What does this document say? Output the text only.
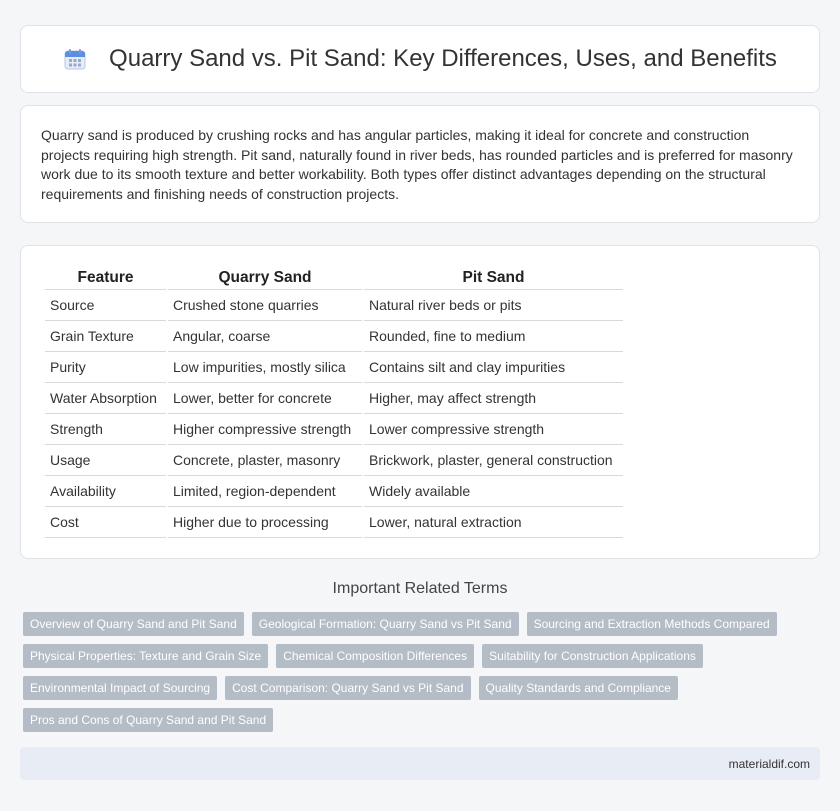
Quarry Sand vs. Pit Sand: Key Differences, Uses, and Benefits

Quarry sand is produced by crushing rocks and has angular particles, making it ideal for concrete and construction projects requiring high strength. Pit sand, naturally found in river beds, has rounded particles and is preferred for masonry work due to its smooth texture and better workability. Both types offer distinct advantages depending on the structural requirements and finishing needs of construction projects.

Feature	Quarry Sand	Pit Sand
Source	Crushed stone quarries	Natural river beds or pits
Grain Texture	Angular, coarse	Rounded, fine to medium
Purity	Low impurities, mostly silica	Contains silt and clay impurities
Water Absorption	Lower, better for concrete	Higher, may affect strength
Strength	Higher compressive strength	Lower compressive strength
Usage	Concrete, plaster, masonry	Brickwork, plaster, general construction
Availability	Limited, region-dependent	Widely available
Cost	Higher due to processing	Lower, natural extraction
Important Related Terms
Overview of Quarry Sand and Pit Sand	Geological Formation: Quarry Sand vs Pit Sand	Sourcing and Extraction Methods Compared
Physical Properties: Texture and Grain Size	Chemical Composition Differences	Suitability for Construction Applications
Environmental Impact of Sourcing	Cost Comparison: Quarry Sand vs Pit Sand	Quality Standards and Compliance
Pros and Cons of Quarry Sand and Pit Sand
materialdif.com
